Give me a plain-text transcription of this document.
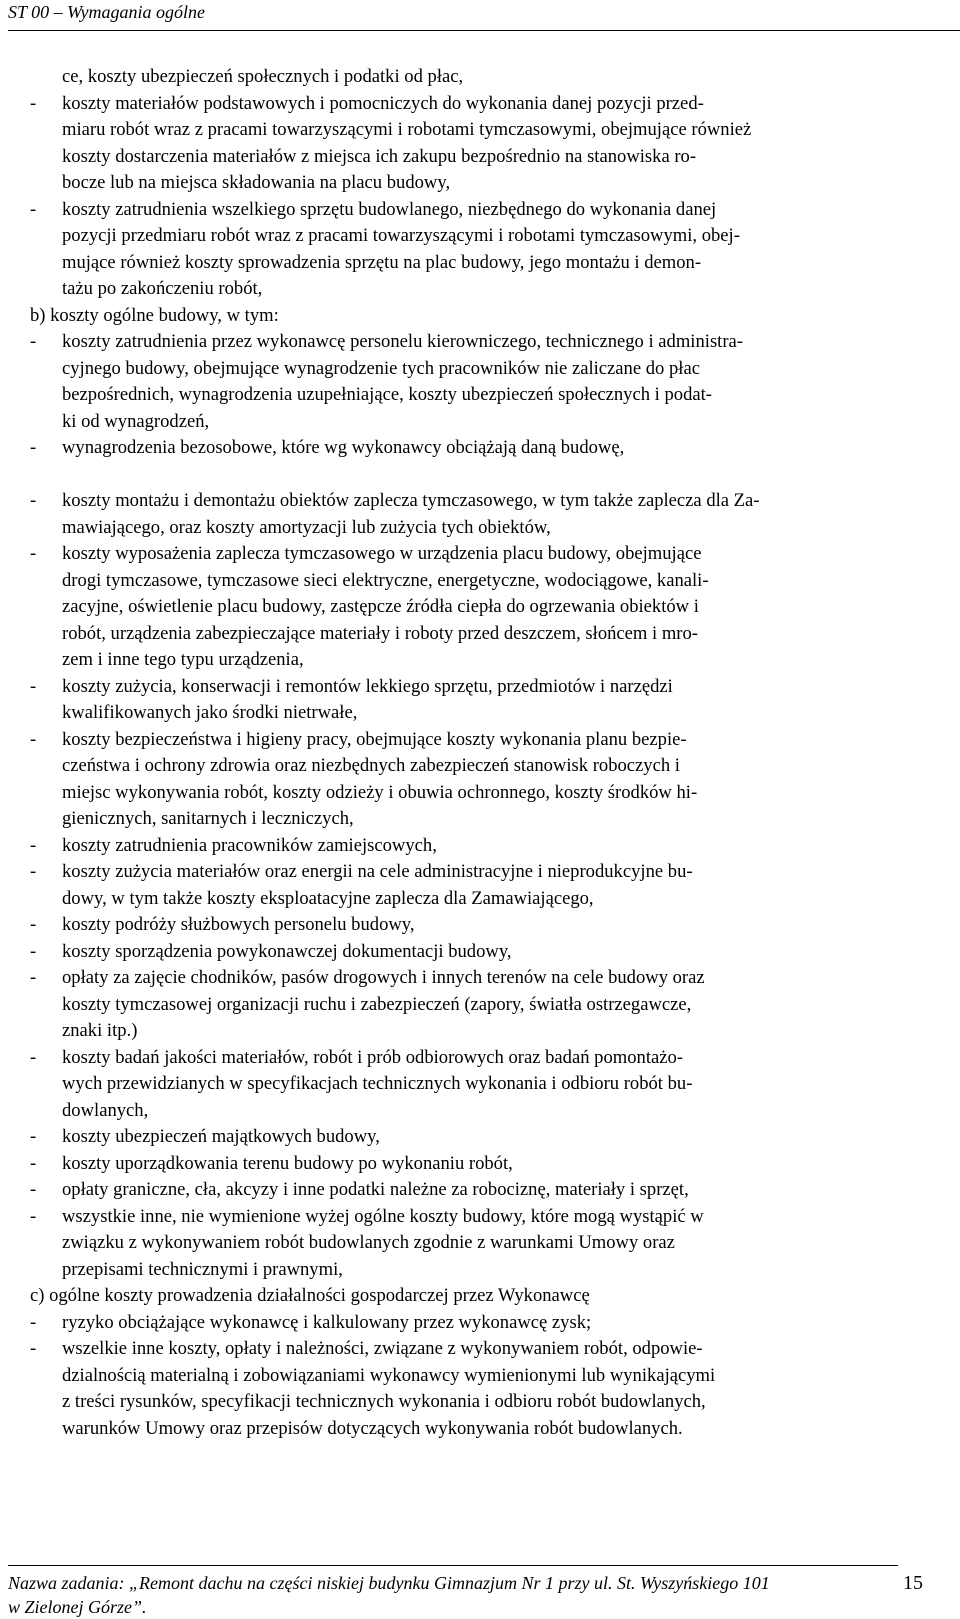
ST 00 – Wymagania ogólne
ce, koszty ubezpieczeń społecznych i podatki od płac,
- koszty materiałów podstawowych i pomocniczych do wykonania danej pozycji przed-
miaru robót wraz z pracami towarzyszącymi i robotami tymczasowymi, obejmujące również
koszty dostarczenia materiałów z miejsca ich zakupu bezpośrednio na stanowiska ro-
bocze lub na miejsca składowania na placu budowy,
- koszty zatrudnienia wszelkiego sprzętu budowlanego, niezbędnego do wykonania danej
pozycji przedmiaru robót wraz z pracami towarzyszącymi i robotami tymczasowymi, obej-
mujące również koszty sprowadzenia sprzętu na plac budowy, jego montażu i demon-
tażu po zakończeniu robót,
b) koszty ogólne budowy, w tym:
- koszty zatrudnienia przez wykonawcę personelu kierowniczego, technicznego i administra-
cyjnego budowy, obejmujące wynagrodzenie tych pracowników nie zaliczane do płac
bezpośrednich, wynagrodzenia uzupełniające, koszty ubezpieczeń społecznych i podat-
ki od wynagrodzeń,
- wynagrodzenia bezosobowe, które wg wykonawcy obciążają daną budowę,
- koszty montażu i demontażu obiektów zaplecza tymczasowego, w tym także zaplecza dla Za-
mawiającego, oraz koszty amortyzacji lub zużycia tych obiektów,
- koszty wyposażenia zaplecza tymczasowego w urządzenia placu budowy, obejmujące
drogi tymczasowe, tymczasowe sieci elektryczne, energetyczne, wodociągowe, kanali-
zacyjne, oświetlenie placu budowy, zastępcze źródła ciepła do ogrzewania obiektów i
robót, urządzenia zabezpieczające materiały i roboty przed deszczem, słońcem i mro-
zem i inne tego typu urządzenia,
- koszty zużycia, konserwacji i remontów lekkiego sprzętu, przedmiotów i narzędzi
kwalifikowanych jako środki nietrwałe,
- koszty bezpieczeństwa i higieny pracy, obejmujące koszty wykonania planu bezpie-
czeństwa i ochrony zdrowia oraz niezbędnych zabezpieczeń stanowisk roboczych i
miejsc wykonywania robót, koszty odzieży i obuwia ochronnego, koszty środków hi-
gienicznych, sanitarnych i leczniczych,
- koszty zatrudnienia pracowników zamiejscowych,
- koszty zużycia materiałów oraz energii na cele administracyjne i nieprodukcyjne bu-
dowy, w tym także koszty eksploatacyjne zaplecza dla Zamawiającego,
- koszty podróży służbowych personelu budowy,
- koszty sporządzenia powykonawczej dokumentacji budowy,
- opłaty za zajęcie chodników, pasów drogowych i innych terenów na cele budowy oraz
koszty tymczasowej organizacji ruchu i zabezpieczeń (zapory, światła ostrzegawcze,
znaki itp.)
- koszty badań jakości materiałów, robót i prób odbiorowych oraz badań pomontażo-
wych przewidzianych w specyfikacjach technicznych wykonania i odbioru robót bu-
dowlanych,
- koszty ubezpieczeń majątkowych budowy,
- koszty uporządkowania terenu budowy po wykonaniu robót,
- opłaty graniczne, cła, akcyzy i inne podatki należne za robociznę, materiały i sprzęt,
- wszystkie inne, nie wymienione wyżej ogólne koszty budowy, które mogą wystąpić w
związku z wykonywaniem robót budowlanych zgodnie z warunkami Umowy oraz
przepisami technicznymi i prawnymi,
c) ogólne koszty prowadzenia działalności gospodarczej przez Wykonawcę
- ryzyko obciążające wykonawcę i kalkulowany przez wykonawcę zysk;
- wszelkie inne koszty, opłaty i należności, związane z wykonywaniem robót, odpowie-
dzialnością materialną i zobowiązaniami wykonawcy wymienionymi lub wynikającymi
z treści rysunków, specyfikacji technicznych wykonania i odbioru robót budowlanych,
warunków Umowy oraz przepisów dotyczących wykonywania robót budowlanych.
Nazwa zadania: „Remont dachu na części niskiej budynku Gimnazjum Nr 1 przy ul. St. Wyszyńskiego 101
w Zielonej Górze”.
15
